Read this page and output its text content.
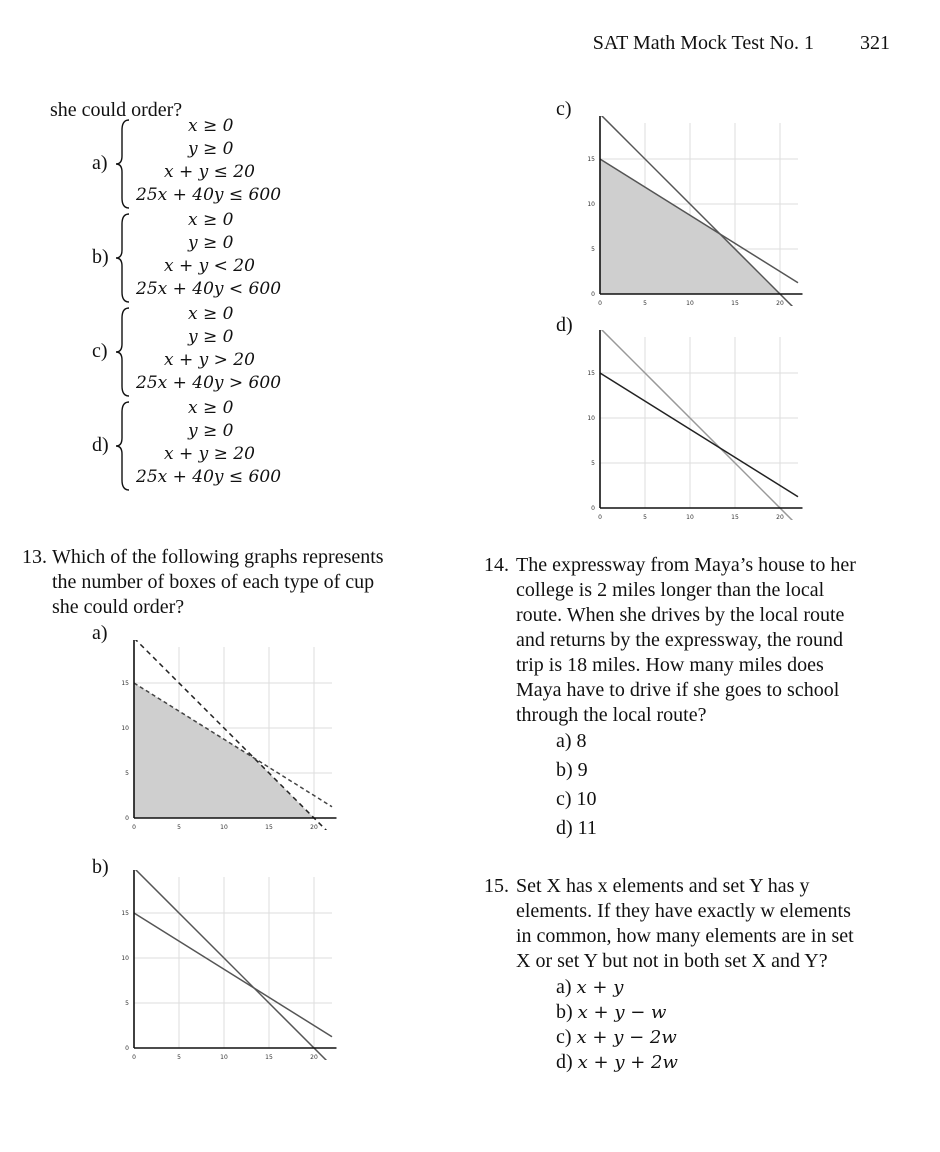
SAT Math Mock Test No. 1 321
she could order?
a)
x ≥ 0
y ≥ 0
x + y ≤ 20
25x + 40y ≤ 600
b)
x ≥ 0
y ≥ 0
x + y < 20
25x + 40y < 600
c)
x ≥ 0
y ≥ 0
x + y > 20
25x + 40y > 600
d)
x ≥ 0
y ≥ 0
x + y ≥ 20
25x + 40y ≤ 600
13. Which of the following graphs represents
the number of boxes of each type of cup
she could order?
a)
b)
c)
d)
0	5	10	15	20
0
5
10
15
0	5	10	15	20
0
5
10
15
0	5	10	15	20
0
5
10
15
0	5	10	15	20
0
5
10
15
14. The expressway from Maya’s house to her
college is 2 miles longer than the local
route. When she drives by the local route
and returns by the expressway, the round
trip is 18 miles. How many miles does
Maya have to drive if she goes to school
through the local route?
a) 8
b) 9
c) 10
d) 11
15. Set X has x elements and set Y has y
elements. If they have exactly w elements
in common, how many elements are in set
X or set Y but not in both set X and Y?
a) x + y
b) x + y − w
c) x + y − 2w
d) x + y + 2w
